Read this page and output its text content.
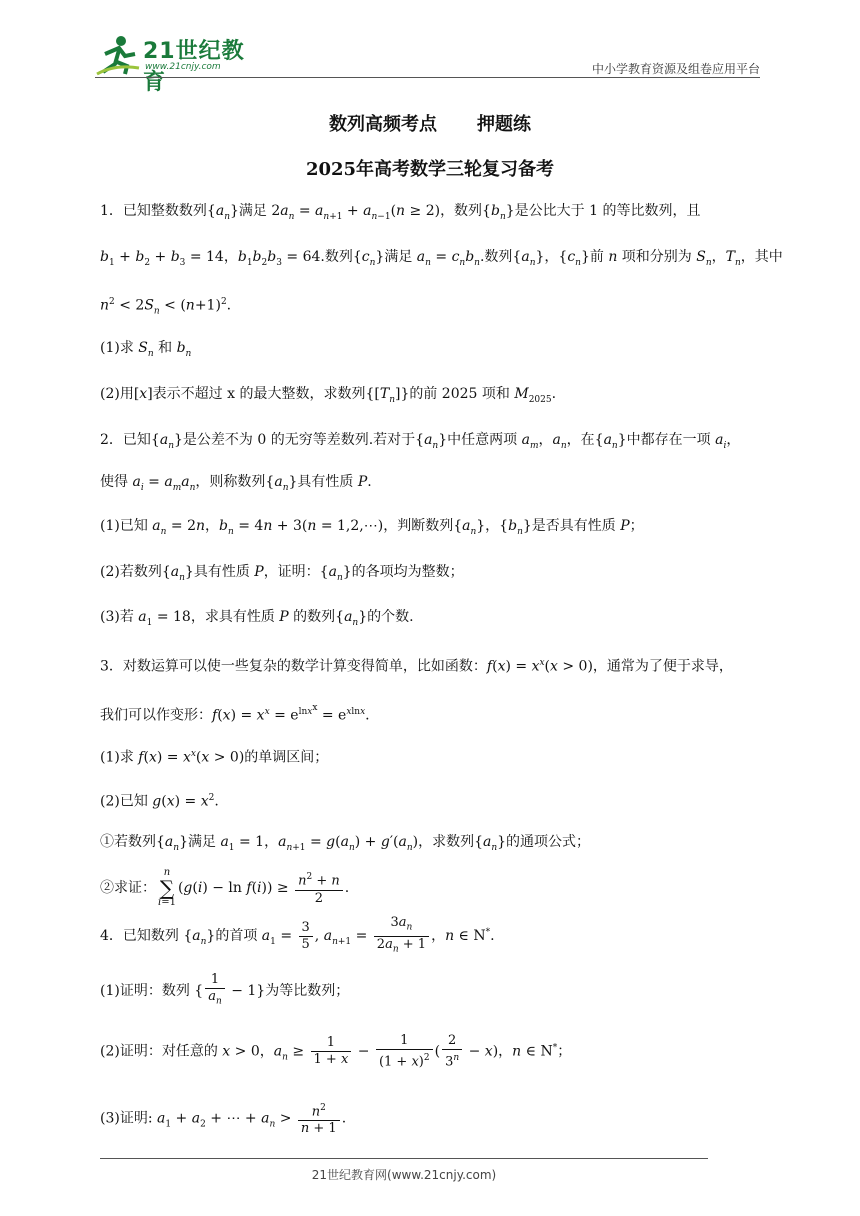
21世纪教育
www.21cnjy.com	中小学教育资源及组卷应用平台
数列高频考点 押题练
2025年高考数学三轮复习备考
1．已知整数数列$\{a_n\}$满足 $2a_n = a_{n+1} + a_{n-1}(n \ge 2)$，数列$\{b_n\}$是公比大于 1 的等比数列，且
$b_1 + b_2 + b_3 = 14$，$b_1b_2b_3 = 64$.数列$\{c_n\}$满足 $a_n = c_nb_n$.数列$\{a_n\}$，$\{c_n\}$前 n 项和分别为 $S_n$，$T_n$，其中
$n^2 < 2S_n < (n+1)^2$.
(1)求 $S_n$ 和 $b_n$
(2)用[x]表示不超过 x 的最大整数，求数列$\{[T_n]\}$的前 2025 项和 $M_{2025}$.
2．已知$\{a_n\}$是公差不为 0 的无穷等差数列.若对于$\{a_n\}$中任意两项 $a_m$，$a_n$，在$\{a_n\}$中都存在一项 $a_i$，
使得 $a_i = a_ma_n$，则称数列$\{a_n\}$具有性质 P.
(1)已知 $a_n = 2n$，$b_n = 4n + 3(n$ = 1,2,⋯)，判断数列$\{a_n\}$，$\{b_n\}$是否具有性质 P；
(2)若数列$\{a_n\}$具有性质 P，证明：$\{a_n\}$的各项均为整数；
(3)若 $a_1 = 18$，求具有性质 P 的数列$\{a_n\}$的个数.
3．对数运算可以使一些复杂的数学计算变得简单，比如函数：$f(x) = x^x(x > 0)$，通常为了便于求导，
我们可以作变形：$f(x) = x^x = e^{lnx^x} = e^{xlnx}$.
(1)求 $f(x) = x^x(x > 0)$的单调区间；
(2)已知 $g(x) = x^2$.
①若数列$\{a_n\}$满足 $a_1 = 1$，$a_{n+1} = g(a_n) + g'(a_n)$，求数列$\{a_n\}$的通项公式；
②求证：n
∑
$i=1(g(i) - \ln f(i)) \ge \frac{n^2 + n}{2}$ .
4．已知数列 $\{a_n\}$的首项 $a_1 = \frac{3}{5}$ , $a_{n+1} = \frac{3a_n}{2a_n + 1}$ ，n ∈ N*.
(1)证明：数列 { $\frac{1}{a_n} - 1$}为等比数列；
(2)证明：对任意的 x > 0，$a_n \ge \frac{1}{1 + x} - \frac{1}{(1 + x)^2}$ ( $\frac{2}{3^n} - x$)，n ∈ N*；
(3)证明: $a_1 + a_2$ + ⋯ + $a_n > \frac{n^2}{n + 1}$ .
21世纪教育网(www.21cnjy.com)
